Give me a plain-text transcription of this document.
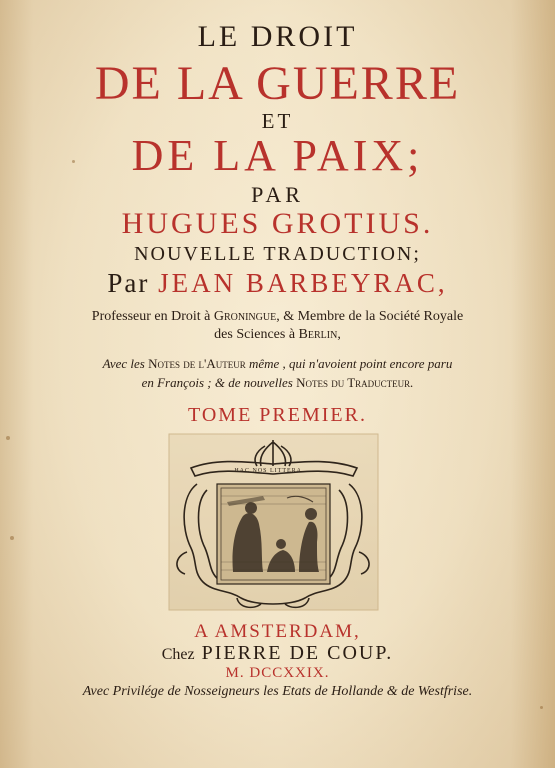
LE DROIT
DE LA GUERRE
ET
DE LA PAIX;
PAR
HUGUES GROTIUS.
NOUVELLE TRADUCTION;
Par JEAN BARBEYRAC,
Professeur en Droit à Groningue, & Membre de la Société Royale
des Sciences à Berlin,
Avec les Notes de l'Auteur même , qui n'avoient point encore paru
en François ; & de nouvelles Notes du Traducteur.
TOME PREMIER.
HAC NOS LITTERA ...
A AMSTERDAM,
Chez PIERRE DE COUP.
M. DCCXXIX.
Avec Privilége de Nosseigneurs les Etats de Hollande & de Westfrise.
